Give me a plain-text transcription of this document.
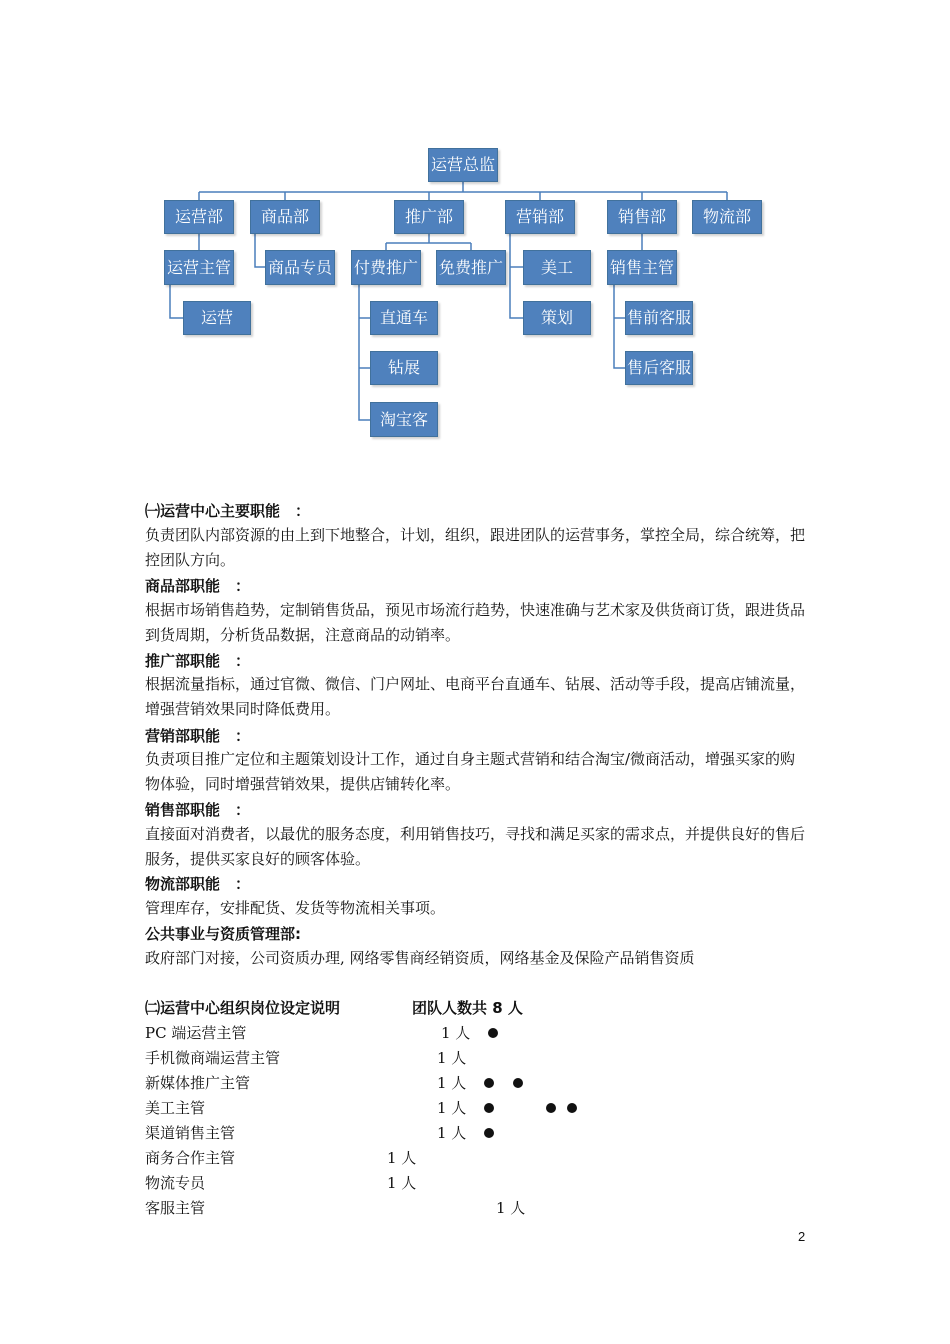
运营总监
运营部	商品部	推广部	营销部	销售部	物流部
运营主管 商品专员 付费推广 免费推广	美工	销售主管
运营	直通车	策划	售前客服
钻展	售后客服
淘宝客
㈠运营中心主要职能　：
负责团队内部资源的由上到下地整合，计划，组织，跟进团队的运营事务，掌控全局，综合统筹，把控团队方向。
商品部职能　：
根据市场销售趋势，定制销售货品，预见市场流行趋势，快速准确与艺术家及供货商订货，跟进货品到货周期，分析货品数据，注意商品的动销率。
推广部职能　：
根据流量指标，通过官微、微信、门户网址、电商平台直通车、钻展、活动等手段，提高店铺流量，增强营销效果同时降低费用。
营销部职能　：
负责项目推广定位和主题策划设计工作，通过自身主题式营销和结合淘宝/微商活动，增强买家的购物体验，同时增强营销效果，提供店铺转化率。
销售部职能　：
直接面对消费者，以最优的服务态度，利用销售技巧，寻找和满足买家的需求点，并提供良好的售后服务，提供买家良好的顾客体验。
物流部职能　：
管理库存，安排配货、发货等物流相关事项。
公共事业与资质管理部:
政府部门对接，公司资质办理, 网络零售商经销资质，网络基金及保险产品销售资质
㈡运营中心组织岗位设定说明	团队人数共 8 人
PC 端运营主管	1 人
手机微商端运营主管	1 人
新媒体推广主管	1 人
美工主管	1 人
渠道销售主管	1 人
商务合作主管	1 人
物流专员	1 人
客服主管	1 人
2
